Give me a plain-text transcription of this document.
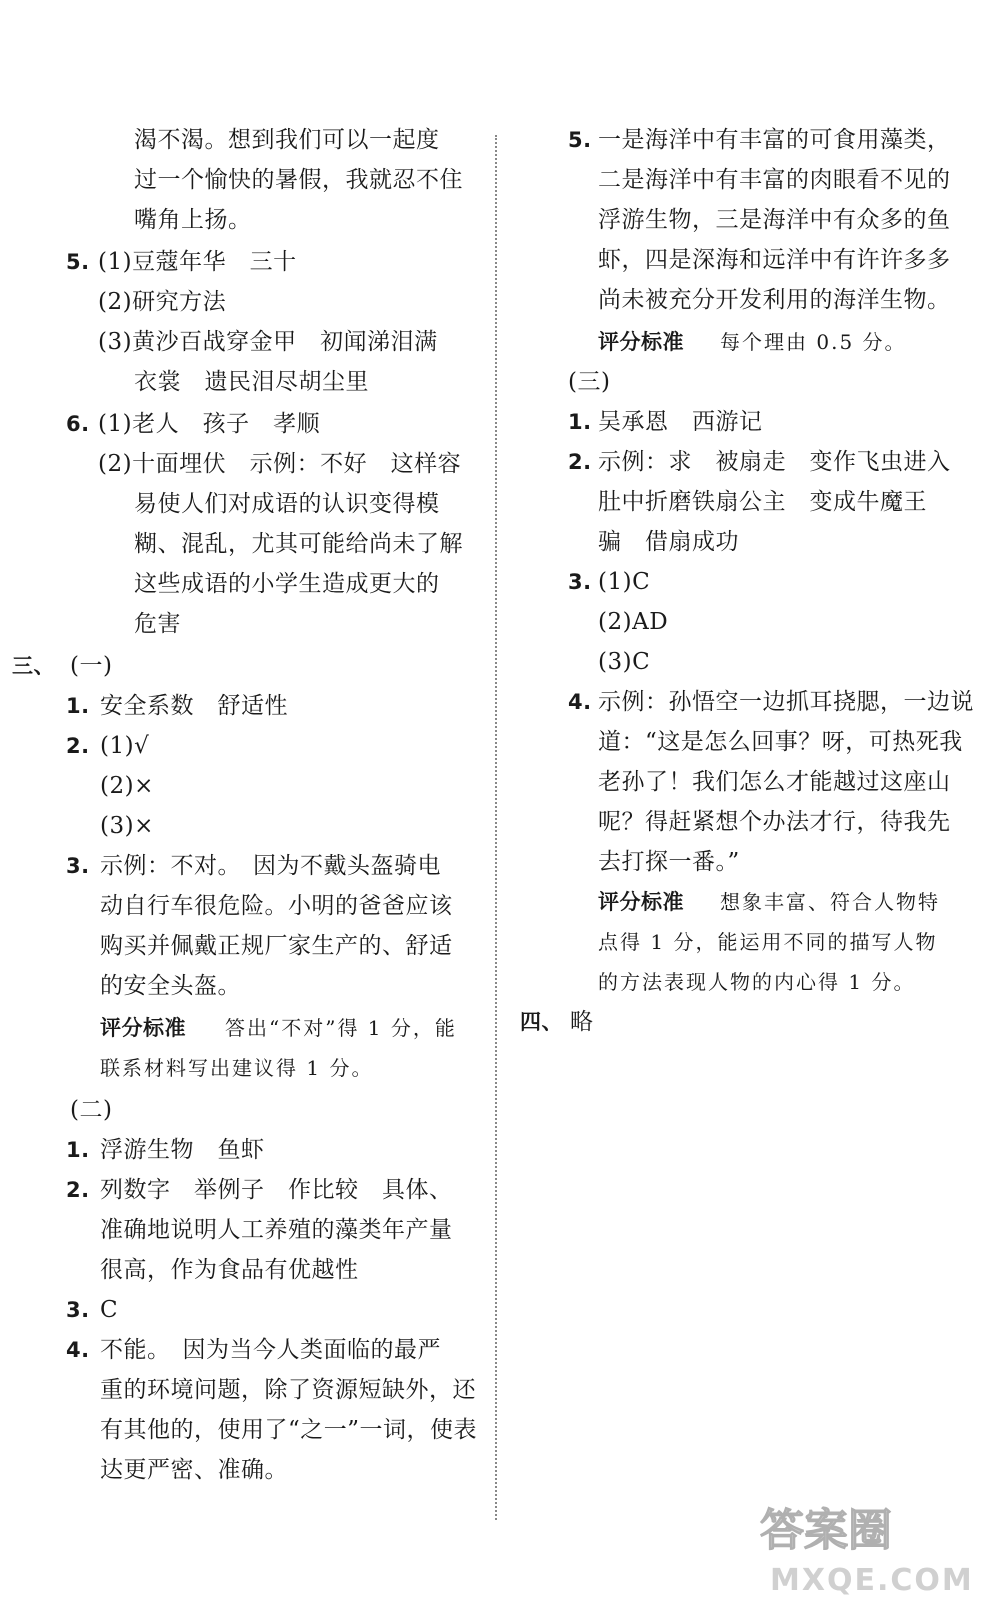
渴不渴。想到我们可以一起度
过一个愉快的暑假，我就忍不住
嘴角上扬。
5. (1)豆蔻年华　三十
(2)研究方法
(3)黄沙百战穿金甲　初闻涕泪满
衣裳　遗民泪尽胡尘里
6. (1)老人　孩子　孝顺
(2)十面埋伏　示例：不好　这样容
易使人们对成语的认识变得模
糊、混乱，尤其可能给尚未了解
这些成语的小学生造成更大的
危害
三、 (一)
1. 安全系数　舒适性
2. (1)√
(2)×
(3)×
3. 示例：不对。　因为不戴头盔骑电
动自行车很危险。小明的爸爸应该
购买并佩戴正规厂家生产的、舒适
的安全头盔。
评分标准 答出“不对”得 1 分，能
联系材料写出建议得 1 分。
(二)
1. 浮游生物　鱼虾
2. 列数字　举例子　作比较　具体、
准确地说明人工养殖的藻类年产量
很高，作为食品有优越性
3. C
4. 不能。　因为当今人类面临的最严
重的环境问题，除了资源短缺外，还
有其他的，使用了“之一”一词，使表
达更严密、准确。
5. 一是海洋中有丰富的可食用藻类，
二是海洋中有丰富的肉眼看不见的
浮游生物，三是海洋中有众多的鱼
虾，四是深海和远洋中有许许多多
尚未被充分开发利用的海洋生物。
评分标准 每个理由 0.5 分。
(三)
1. 吴承恩　西游记
2. 示例：求　被扇走　变作飞虫进入
肚中折磨铁扇公主　变成牛魔王
骗　借扇成功
3. (1)C
(2)AD
(3)C
4. 示例：孙悟空一边抓耳挠腮，一边说
道：“这是怎么回事？呀，可热死我
老孙了！我们怎么才能越过这座山
呢？得赶紧想个办法才行，待我先
去打探一番。”
评分标准 想象丰富、符合人物特
点得 1 分，能运用不同的描写人物
的方法表现人物的内心得 1 分。
四、 略
答案圈
MXQE.COM
